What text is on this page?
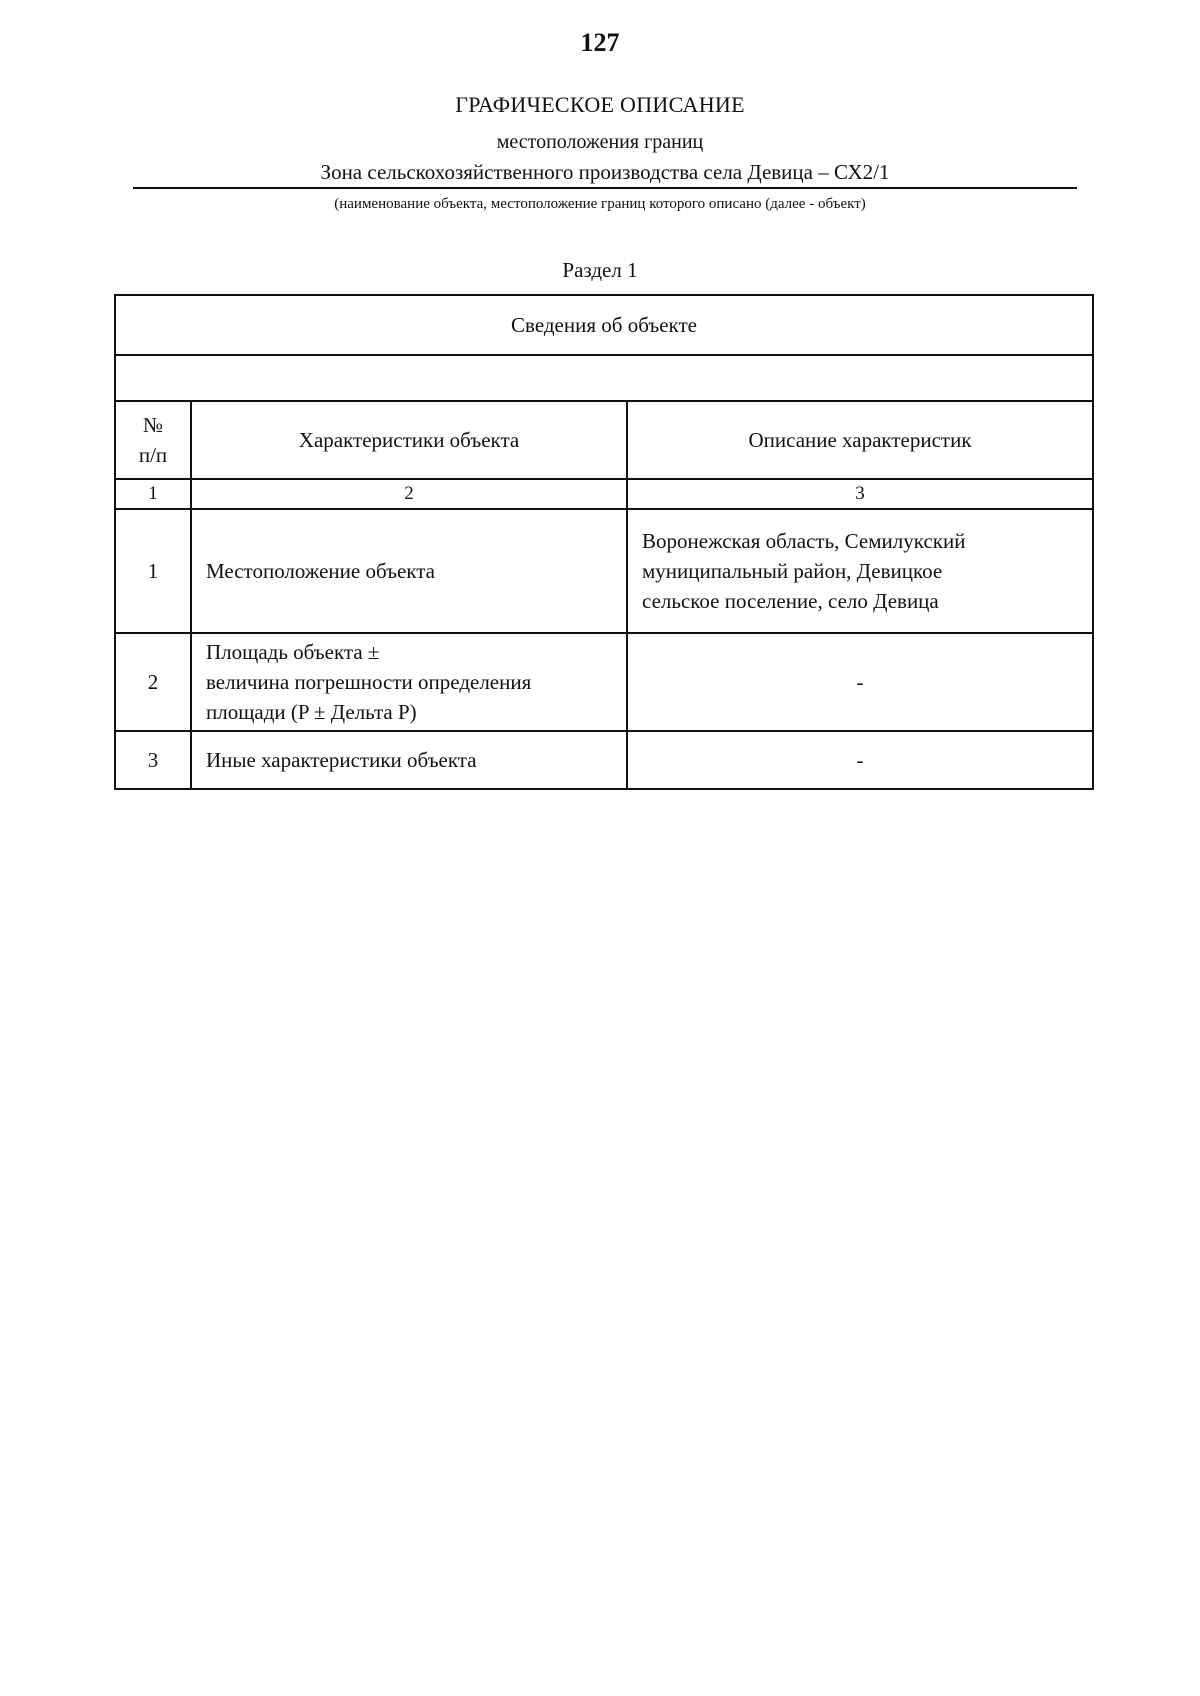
127
ГРАФИЧЕСКОЕ ОПИСАНИЕ
местоположения границ
Зона сельскохозяйственного производства села Девица – СХ2/1
(наименование объекта, местоположение границ которого описано (далее - объект)
Раздел 1
Сведения об объекте		

№
п/п	Характеристики объекта	Описание характеристик
1	2	3
1	Местоположение объекта	Воронежская область, Семилукский
муниципальный район, Девицкое
сельское поселение, село Девица

2	Площадь объекта ±
величина погрешности определения
площади (P ± Дельта P)	-
3	Иные характеристики объекта	-
